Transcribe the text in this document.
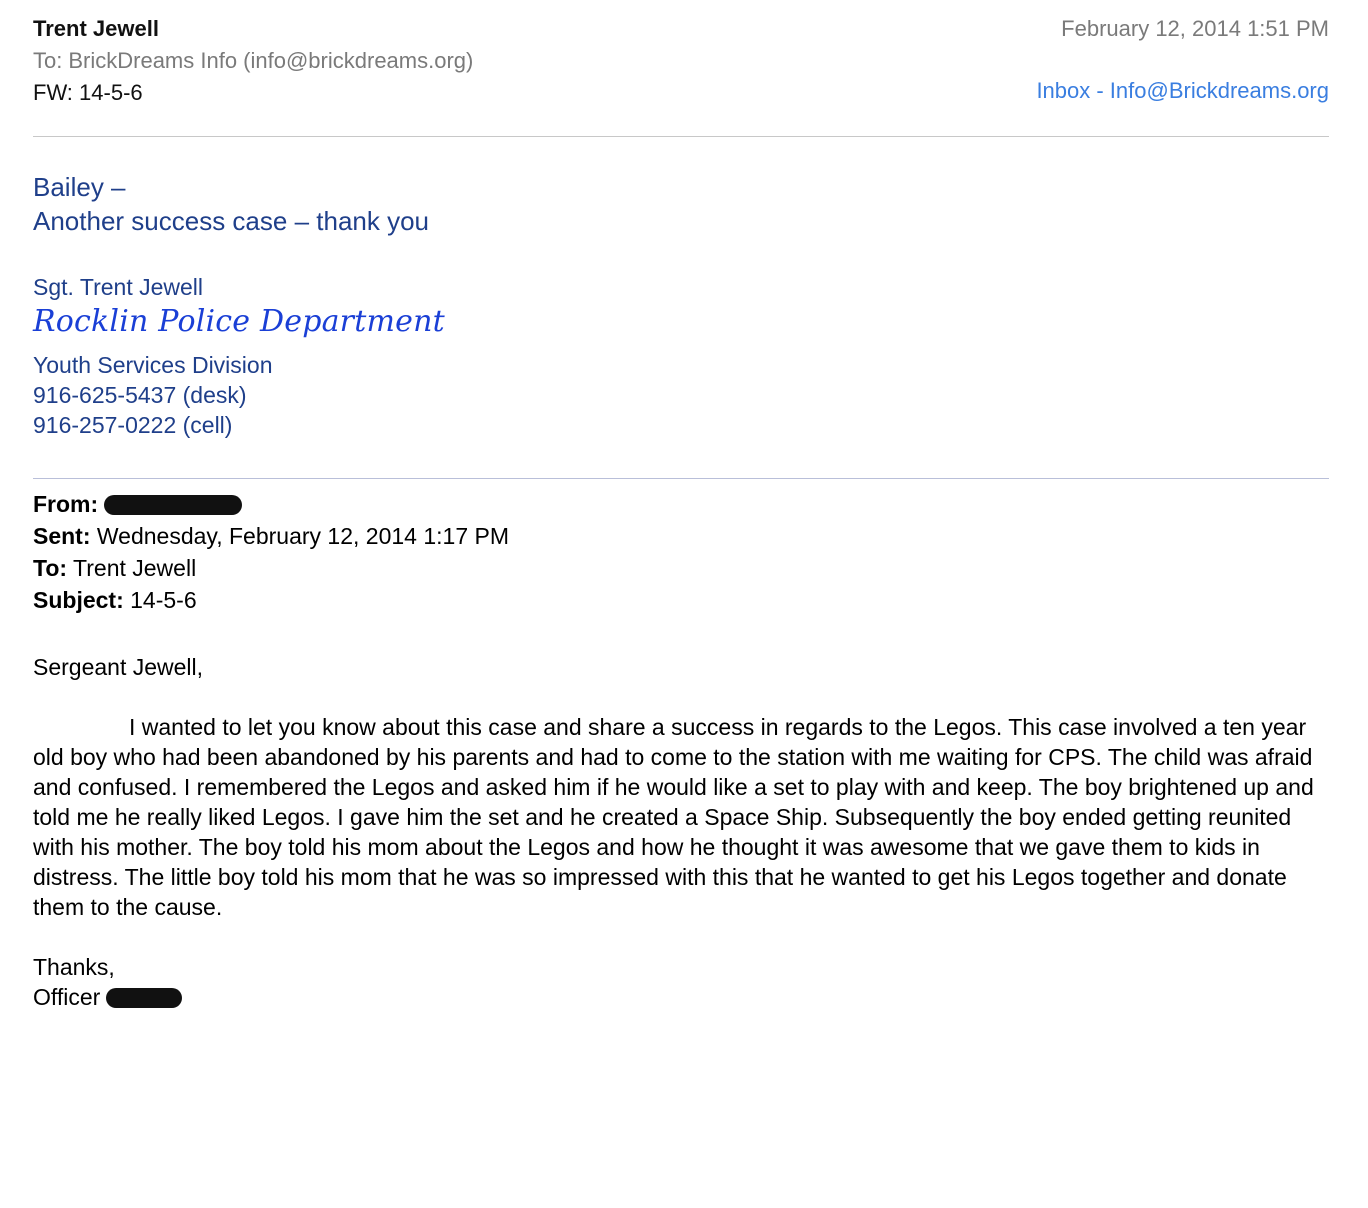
Trent Jewell
To: BrickDreams Info (info@brickdreams.org)
FW: 14-5-6
February 12, 2014 1:51 PM
Inbox - Info@Brickdreams.org
Bailey –
Another success case – thank you
Sgt. Trent Jewell
Rocklin Police Department
Youth Services Division
916-625-5437 (desk)
916-257-0222 (cell)
From:
Sent: Wednesday, February 12, 2014 1:17 PM
To: Trent Jewell
Subject: 14-5-6

Sergeant Jewell,

I wanted to let you know about this case and share a success in regards to the Legos. This case involved a ten year old boy who had been abandoned by his parents and had to come to the station with me waiting for CPS. The child was afraid and confused. I remembered the Legos and asked him if he would like a set to play with and keep. The boy brightened up and told me he really liked Legos. I gave him the set and he created a Space Ship. Subsequently the boy ended getting reunited with his mother. The boy told his mom about the Legos and how he thought it was awesome that we gave them to kids in distress. The little boy told his mom that he was so impressed with this that he wanted to get his Legos together and donate them to the cause.

Thanks,

Officer
